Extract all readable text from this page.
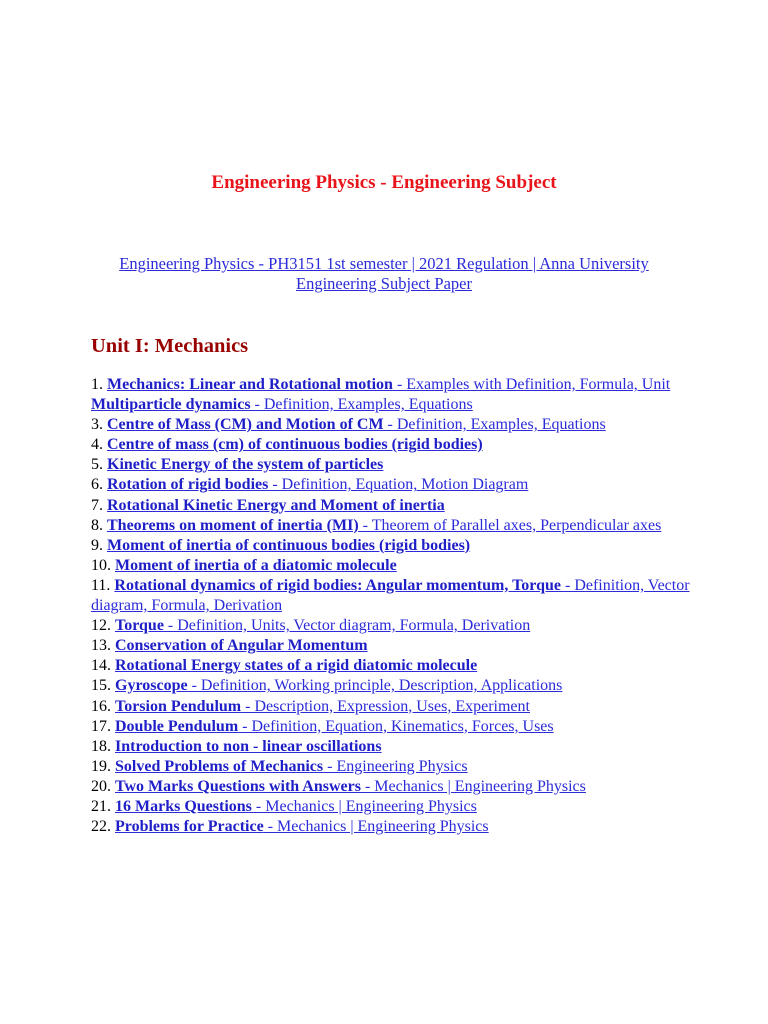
Engineering Physics - Engineering Subject
Engineering Physics - PH3151 1st semester | 2021 Regulation | Anna University Engineering Subject Paper
Unit I: Mechanics
1. Mechanics: Linear and Rotational motion - Examples with Definition, Formula, Unit
Multiparticle dynamics - Definition, Examples, Equations
3. Centre of Mass (CM) and Motion of CM - Definition, Examples, Equations
4. Centre of mass (cm) of continuous bodies (rigid bodies)
5. Kinetic Energy of the system of particles
6. Rotation of rigid bodies - Definition, Equation, Motion Diagram
7. Rotational Kinetic Energy and Moment of inertia
8. Theorems on moment of inertia (MI) - Theorem of Parallel axes, Perpendicular axes
9. Moment of inertia of continuous bodies (rigid bodies)
10. Moment of inertia of a diatomic molecule
11. Rotational dynamics of rigid bodies: Angular momentum, Torque - Definition, Vector diagram, Formula, Derivation
12. Torque - Definition, Units, Vector diagram, Formula, Derivation
13. Conservation of Angular Momentum
14. Rotational Energy states of a rigid diatomic molecule
15. Gyroscope - Definition, Working principle, Description, Applications
16. Torsion Pendulum - Description, Expression, Uses, Experiment
17. Double Pendulum - Definition, Equation, Kinematics, Forces, Uses
18. Introduction to non - linear oscillations
19. Solved Problems of Mechanics - Engineering Physics
20. Two Marks Questions with Answers - Mechanics | Engineering Physics
21. 16 Marks Questions - Mechanics | Engineering Physics
22. Problems for Practice - Mechanics | Engineering Physics
